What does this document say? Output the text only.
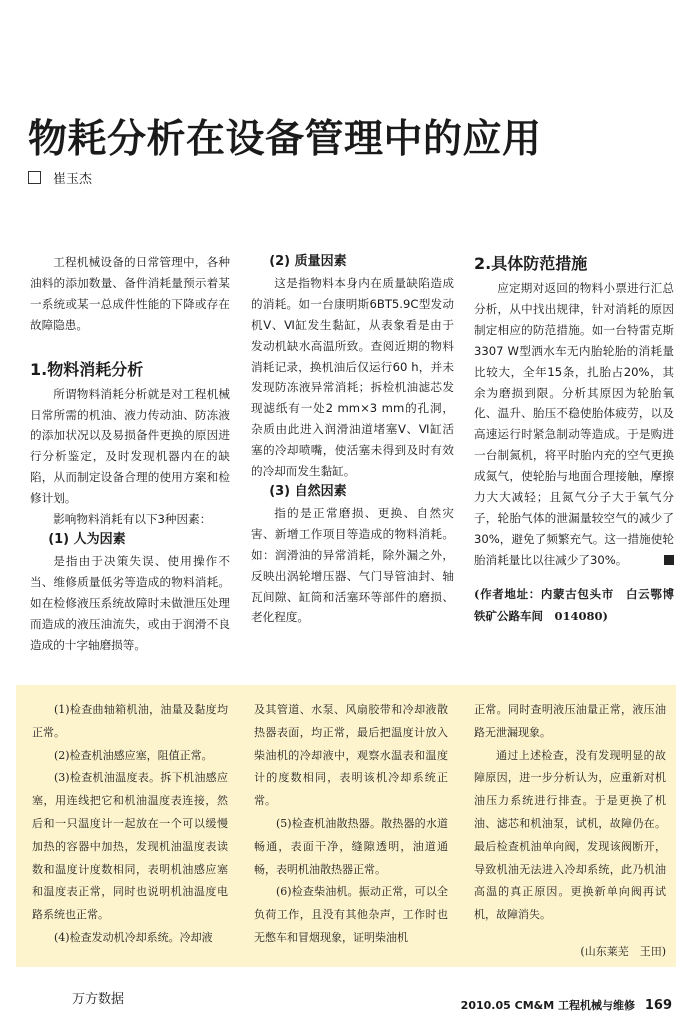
物耗分析在设备管理中的应用
崔玉杰

工程机械设备的日常管理中，各种油料的添加数量、备件消耗量预示着某一系统或某一总成件性能的下降或存在故障隐患。

1.物料消耗分析

所谓物料消耗分析就是对工程机械日常所需的机油、液力传动油、防冻液的添加状况以及易损备件更换的原因进行分析鉴定，及时发现机器内在的缺陷，从而制定设备合理的使用方案和检修计划。

影响物料消耗有以下3种因素：

(1) 人为因素

是指由于决策失误、使用操作不当、维修质量低劣等造成的物料消耗。如在检修液压系统故障时未做泄压处理而造成的液压油流失，或由于润滑不良造成的十字轴磨损等。

(2) 质量因素

这是指物料本身内在质量缺陷造成的消耗。如一台康明斯6BT5.9C型发动机Ⅴ、Ⅵ缸发生黏缸，从表象看是由于发动机缺水高温所致。查阅近期的物料消耗记录，换机油后仅运行60 h，并未发现防冻液异常消耗；拆检机油滤芯发现滤纸有一处2 mm×3 mm的孔洞，杂质由此进入润滑油道堵塞Ⅴ、Ⅵ缸活塞的冷却喷嘴，使活塞未得到及时有效的冷却而发生黏缸。

(3) 自然因素

指的是正常磨损、更换、自然灾害、新增工作项目等造成的物料消耗。如：润滑油的异常消耗，除外漏之外，反映出涡轮增压器、气门导管油封、轴瓦间隙、缸筒和活塞环等部件的磨损、老化程度。

2.具体防范措施

应定期对返回的物料小票进行汇总分析，从中找出规律，针对消耗的原因制定相应的防范措施。如一台特雷克斯3307 W型洒水车无内胎轮胎的消耗量比较大，全年15条，扎胎占20%，其余为磨损到限。分析其原因为轮胎氧化、温升、胎压不稳使胎体疲劳，以及高速运行时紧急制动等造成。于是购进一台制氮机，将平时胎内充的空气更换成氮气，使轮胎与地面合理接触，摩擦力大大减轻；且氮气分子大于氧气分子，轮胎气体的泄漏量较空气的减少了30%，避免了频繁充气。这一措施使轮胎消耗量比以往减少了30%。

(作者地址：内蒙古包头市　白云鄂博铁矿公路车间　014080)

(1)检查曲轴箱机油，油量及黏度均正常。

(2)检查机油感应塞，阻值正常。

(3)检查机油温度表。拆下机油感应塞，用连线把它和机油温度表连接，然后和一只温度计一起放在一个可以缓慢加热的容器中加热，发现机油温度表读数和温度计度数相同，表明机油感应塞和温度表正常，同时也说明机油温度电路系统也正常。

(4)检查发动机冷却系统。冷却液

及其管道、水泵、风扇胶带和冷却液散热器表面，均正常，最后把温度计放入柴油机的冷却液中，观察水温表和温度计的度数相同，表明该机冷却系统正常。

(5)检查机油散热器。散热器的水道畅通，表面干净，缝隙透明，油道通畅，表明机油散热器正常。

(6)检查柴油机。振动正常，可以全负荷工作，且没有其他杂声，工作时也无憋车和冒烟现象，证明柴油机

正常。同时查明液压油量正常，液压油路无泄漏现象。

通过上述检查，没有发现明显的故障原因，进一步分析认为，应重新对机油压力系统进行排查。于是更换了机油、滤芯和机油泵，试机，故障仍在。最后检查机油单向阀，发现该阀断开，导致机油无法进入冷却系统，此乃机油高温的真正原因。更换新单向阀再试机，故障消失。

(山东莱芜　王田)
万方数据	2010.05 CM&M 工程机械与维修 169
